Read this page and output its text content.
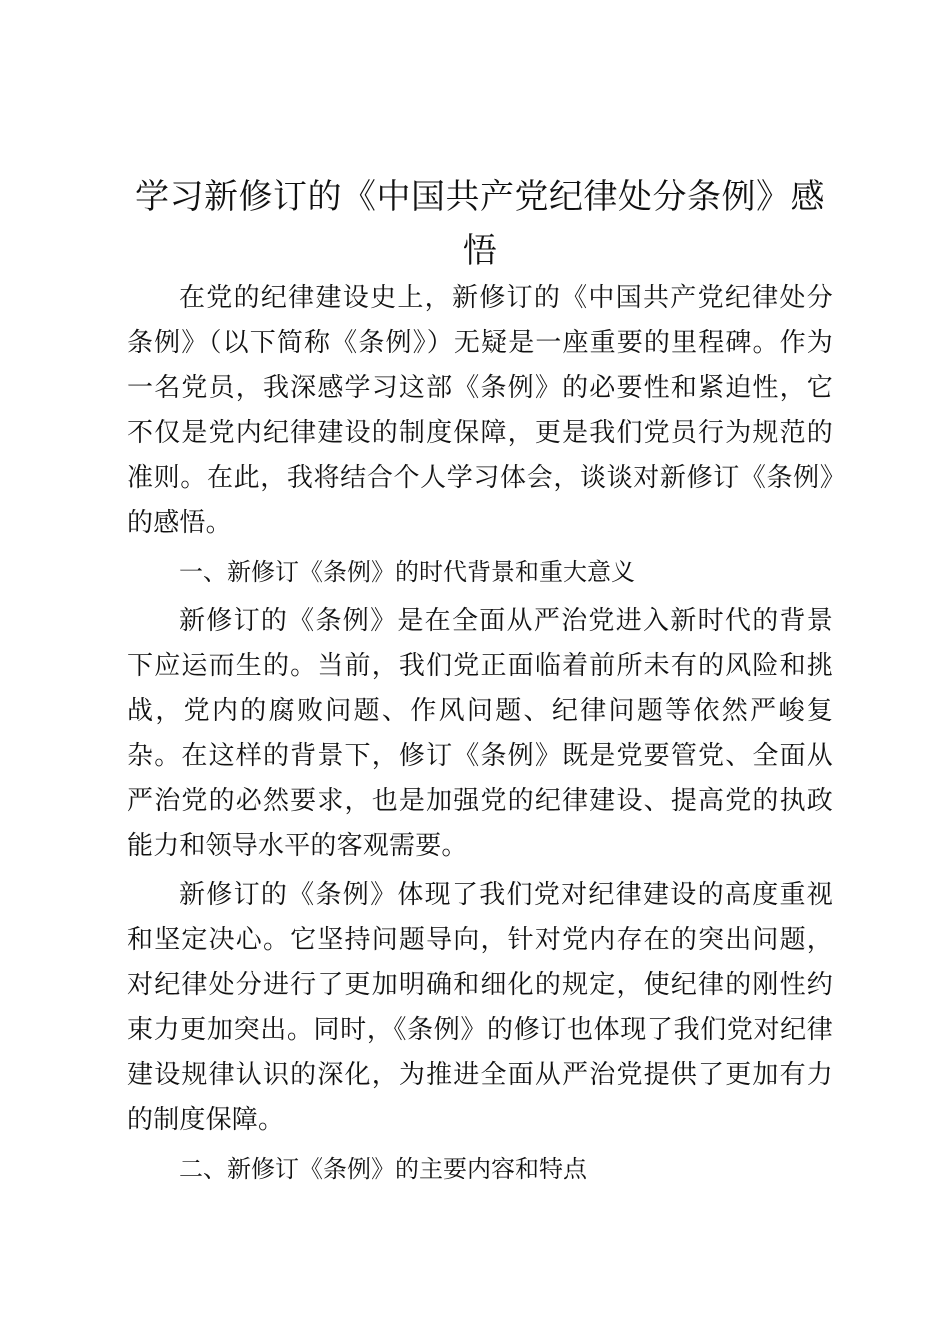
学习新修订的《中国共产党纪律处分条例》感悟

在党的纪律建设史上，新修订的《中国共产党纪律处分条例》（以下简称《条例》）无疑是一座重要的里程碑。作为一名党员，我深感学习这部《条例》的必要性和紧迫性，它不仅是党内纪律建设的制度保障，更是我们党员行为规范的准则。在此，我将结合个人学习体会，谈谈对新修订《条例》的感悟。

一、新修订《条例》的时代背景和重大意义

新修订的《条例》是在全面从严治党进入新时代的背景下应运而生的。当前，我们党正面临着前所未有的风险和挑战，党内的腐败问题、作风问题、纪律问题等依然严峻复杂。在这样的背景下，修订《条例》既是党要管党、全面从严治党的必然要求，也是加强党的纪律建设、提高党的执政能力和领导水平的客观需要。

新修订的《条例》体现了我们党对纪律建设的高度重视和坚定决心。它坚持问题导向，针对党内存在的突出问题，对纪律处分进行了更加明确和细化的规定，使纪律的刚性约束力更加突出。同时，《条例》的修订也体现了我们党对纪律建设规律认识的深化，为推进全面从严治党提供了更加有力的制度保障。

二、新修订《条例》的主要内容和特点
